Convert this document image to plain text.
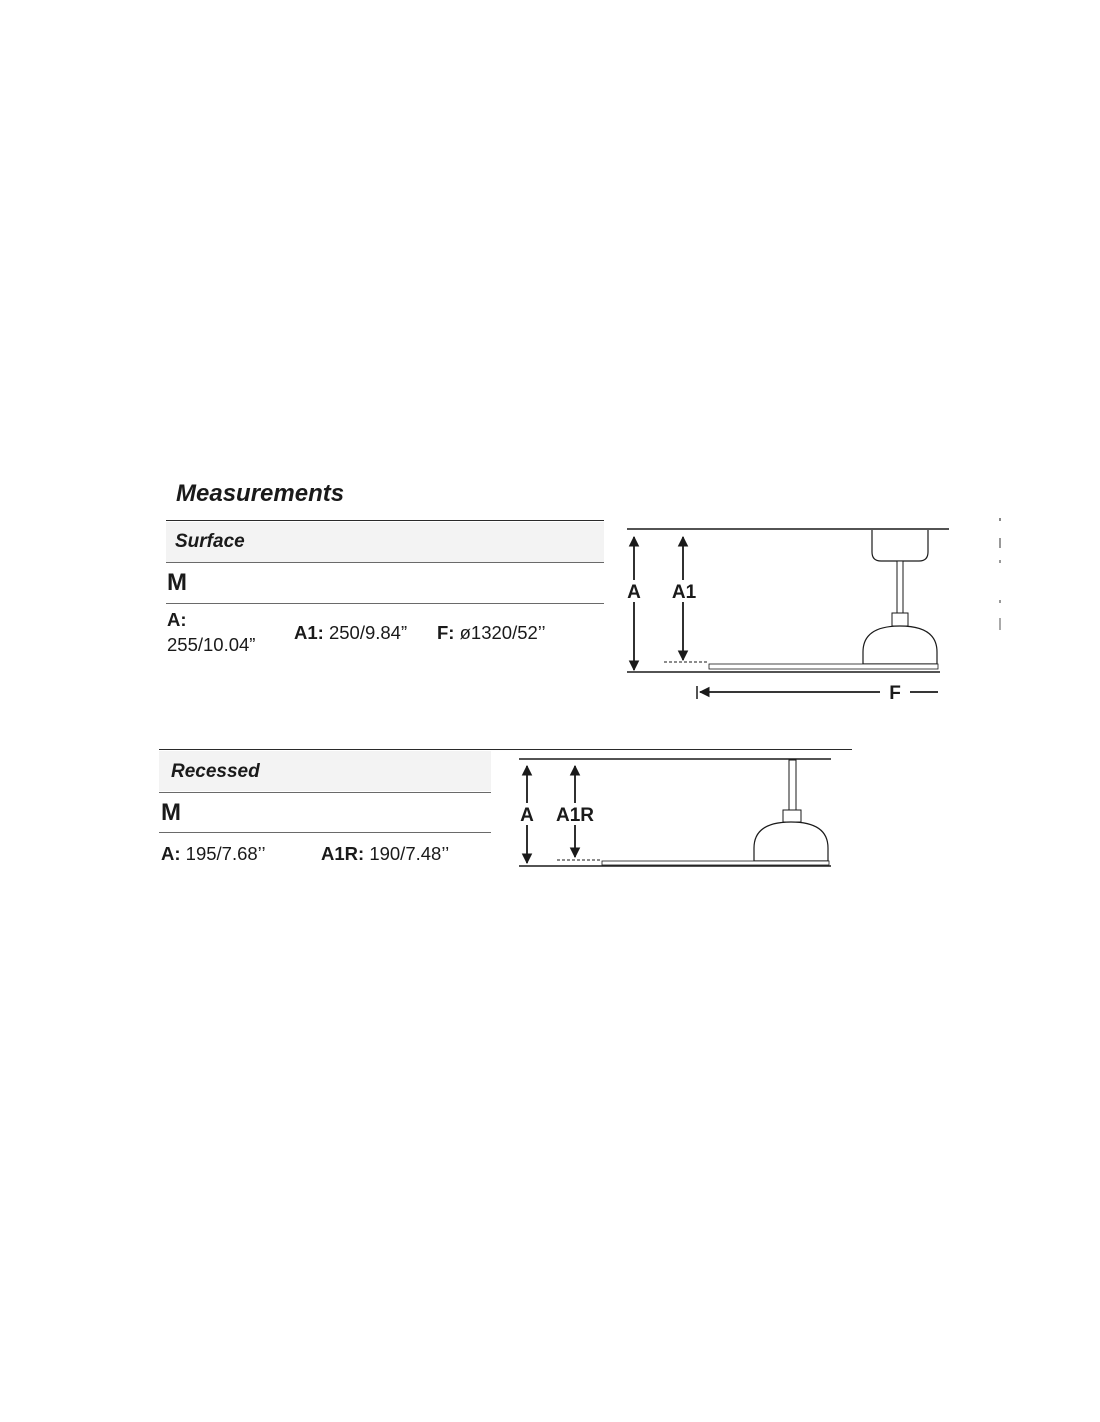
Measurements
Surface
M
A:
255/10.04”
A1: 250/9.84” F: ø1320/52’’
Recessed
M
A: 195/7.68’’	A1R: 190/7.48’’
A A1
F
A A1R
